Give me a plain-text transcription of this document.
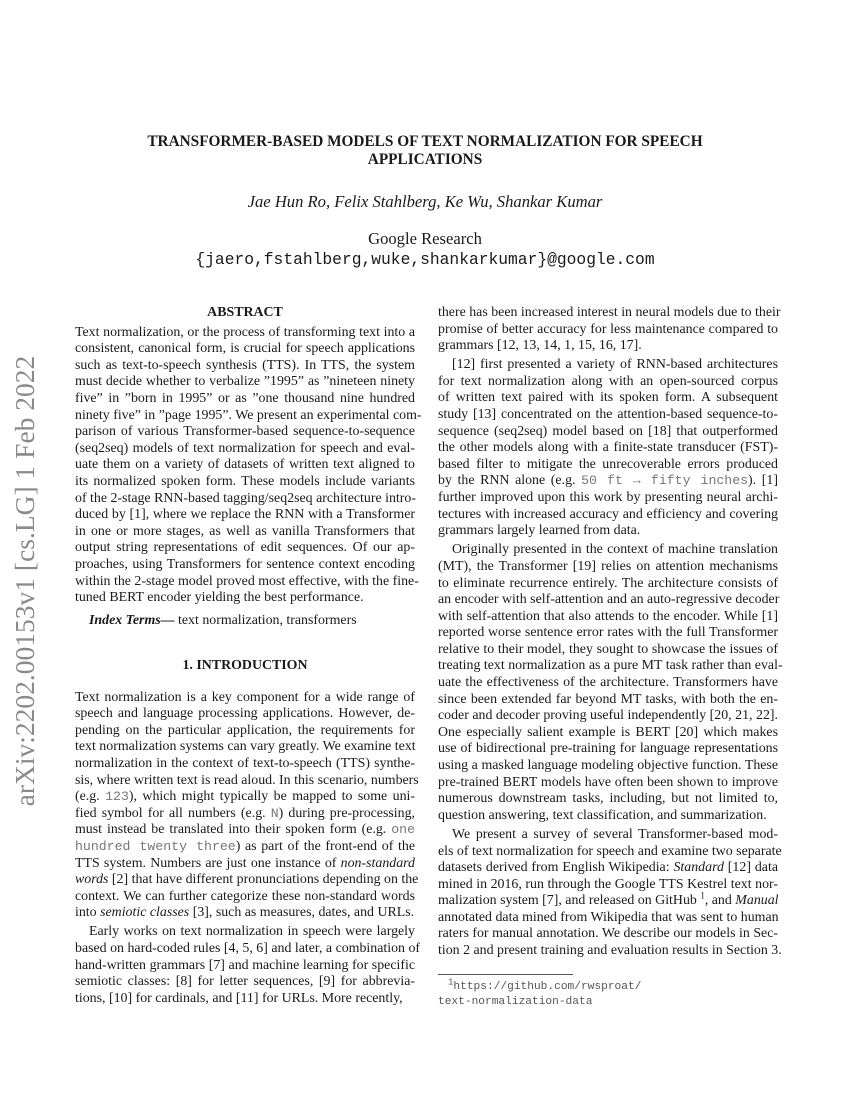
arXiv:2202.00153v1 [cs.LG] 1 Feb 2022
TRANSFORMER-BASED MODELS OF TEXT NORMALIZATION FOR SPEECH
APPLICATIONS
Jae Hun Ro, Felix Stahlberg, Ke Wu, Shankar Kumar
Google Research
{jaero,fstahlberg,wuke,shankarkumar}@google.com
ABSTRACT
Text normalization, or the process of transforming text into a
consistent, canonical form, is crucial for speech applications
such as text-to-speech synthesis (TTS). In TTS, the system
must decide whether to verbalize ”1995” as ”nineteen ninety
five” in ”born in 1995” or as ”one thousand nine hundred
ninety five” in ”page 1995”. We present an experimental com-
parison of various Transformer-based sequence-to-sequence
(seq2seq) models of text normalization for speech and eval-
uate them on a variety of datasets of written text aligned to
its normalized spoken form. These models include variants
of the 2-stage RNN-based tagging/seq2seq architecture intro-
duced by [1], where we replace the RNN with a Transformer
in one or more stages, as well as vanilla Transformers that
output string representations of edit sequences. Of our ap-
proaches, using Transformers for sentence context encoding
within the 2-stage model proved most effective, with the fine-
tuned BERT encoder yielding the best performance.
Index Terms— text normalization, transformers
1. INTRODUCTION
Text normalization is a key component for a wide range of
speech and language processing applications. However, de-
pending on the particular application, the requirements for
text normalization systems can vary greatly. We examine text
normalization in the context of text-to-speech (TTS) synthe-
sis, where written text is read aloud. In this scenario, numbers
(e.g. 123), which might typically be mapped to some uni-
fied symbol for all numbers (e.g. N) during pre-processing,
must instead be translated into their spoken form (e.g. one
hundred twenty three) as part of the front-end of the
TTS system. Numbers are just one instance of non-standard
words [2] that have different pronunciations depending on the
context. We can further categorize these non-standard words
into semiotic classes [3], such as measures, dates, and URLs.
Early works on text normalization in speech were largely
based on hard-coded rules [4, 5, 6] and later, a combination of
hand-written grammars [7] and machine learning for specific
semiotic classes: [8] for letter sequences, [9] for abbrevia-
tions, [10] for cardinals, and [11] for URLs. More recently,
there has been increased interest in neural models due to their
promise of better accuracy for less maintenance compared to
grammars [12, 13, 14, 1, 15, 16, 17].
[12] first presented a variety of RNN-based architectures
for text normalization along with an open-sourced corpus
of written text paired with its spoken form. A subsequent
study [13] concentrated on the attention-based sequence-to-
sequence (seq2seq) model based on [18] that outperformed
the other models along with a finite-state transducer (FST)-
based filter to mitigate the unrecoverable errors produced
by the RNN alone (e.g. 50 ft → fifty inches). [1]
further improved upon this work by presenting neural archi-
tectures with increased accuracy and efficiency and covering
grammars largely learned from data.
Originally presented in the context of machine translation
(MT), the Transformer [19] relies on attention mechanisms
to eliminate recurrence entirely. The architecture consists of
an encoder with self-attention and an auto-regressive decoder
with self-attention that also attends to the encoder. While [1]
reported worse sentence error rates with the full Transformer
relative to their model, they sought to showcase the issues of
treating text normalization as a pure MT task rather than eval-
uate the effectiveness of the architecture. Transformers have
since been extended far beyond MT tasks, with both the en-
coder and decoder proving useful independently [20, 21, 22].
One especially salient example is BERT [20] which makes
use of bidirectional pre-training for language representations
using a masked language modeling objective function. These
pre-trained BERT models have often been shown to improve
numerous downstream tasks, including, but not limited to,
question answering, text classification, and summarization.
We present a survey of several Transformer-based mod-
els of text normalization for speech and examine two separate
datasets derived from English Wikipedia: Standard [12] data
mined in 2016, run through the Google TTS Kestrel text nor-
malization system [7], and released on GitHub $^1$, and Manual
annotated data mined from Wikipedia that was sent to human
raters for manual annotation. We describe our models in Sec-
tion 2 and present training and evaluation results in Section 3.
$^1$https://github.com/rwsproat/
text-normalization-data
